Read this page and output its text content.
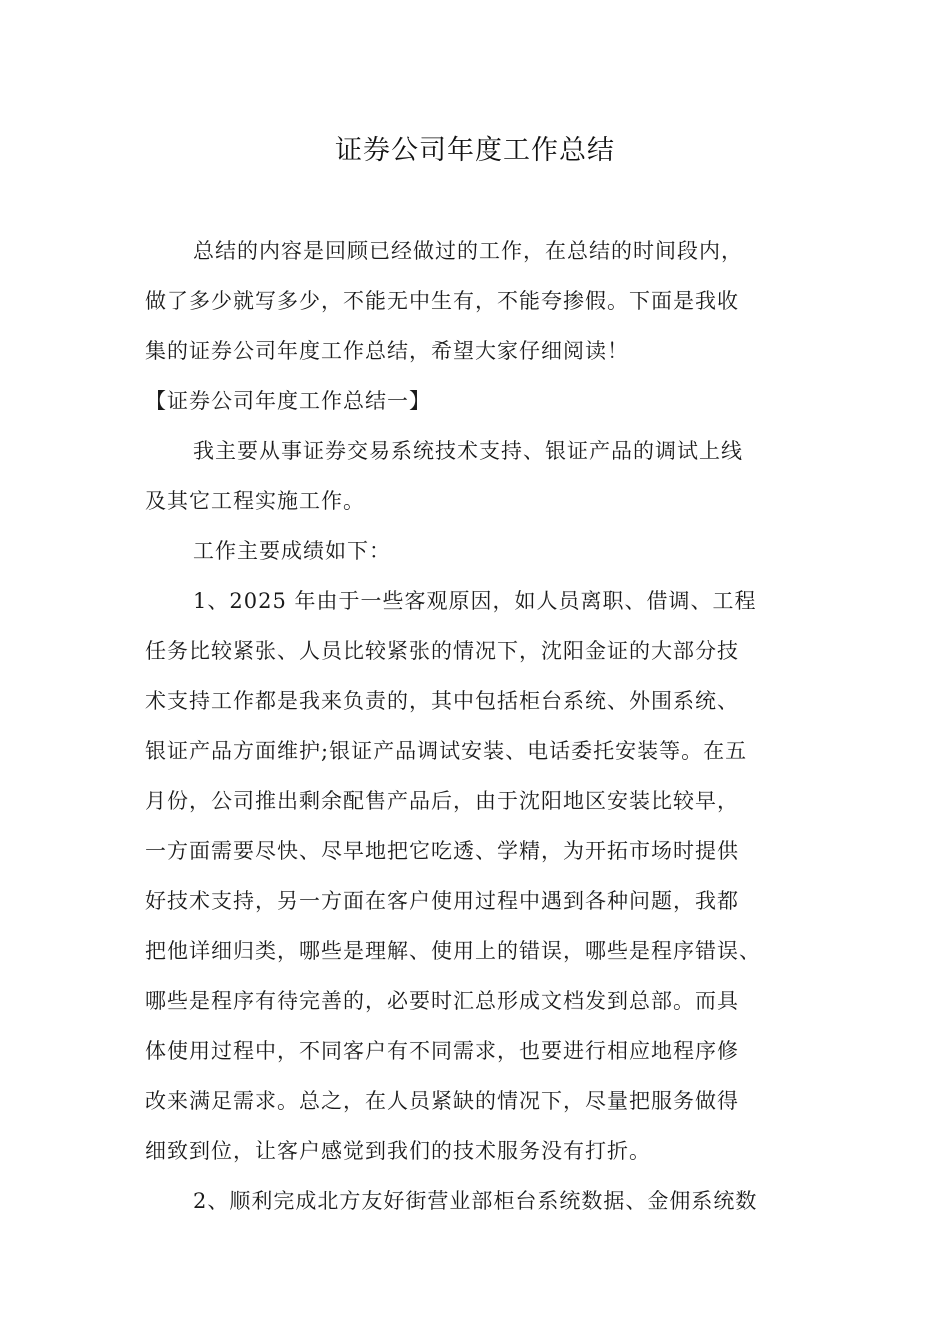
证券公司年度工作总结
总结的内容是回顾已经做过的工作，在总结的时间段内，
做了多少就写多少，不能无中生有，不能夸掺假。下面是我收
集的证券公司年度工作总结，希望大家仔细阅读！
【证券公司年度工作总结一】
我主要从事证券交易系统技术支持、银证产品的调试上线
及其它工程实施工作。
工作主要成绩如下：
1、2025 年由于一些客观原因，如人员离职、借调、工程
任务比较紧张、人员比较紧张的情况下，沈阳金证的大部分技
术支持工作都是我来负责的，其中包括柜台系统、外围系统、
银证产品方面维护;银证产品调试安装、电话委托安装等。在五
月份，公司推出剩余配售产品后，由于沈阳地区安装比较早，
一方面需要尽快、尽早地把它吃透、学精，为开拓市场时提供
好技术支持，另一方面在客户使用过程中遇到各种问题，我都
把他详细归类，哪些是理解、使用上的错误，哪些是程序错误、
哪些是程序有待完善的，必要时汇总形成文档发到总部。而具
体使用过程中，不同客户有不同需求，也要进行相应地程序修
改来满足需求。总之，在人员紧缺的情况下，尽量把服务做得
细致到位，让客户感觉到我们的技术服务没有打折。
2、顺利完成北方友好街营业部柜台系统数据、金佣系统数
